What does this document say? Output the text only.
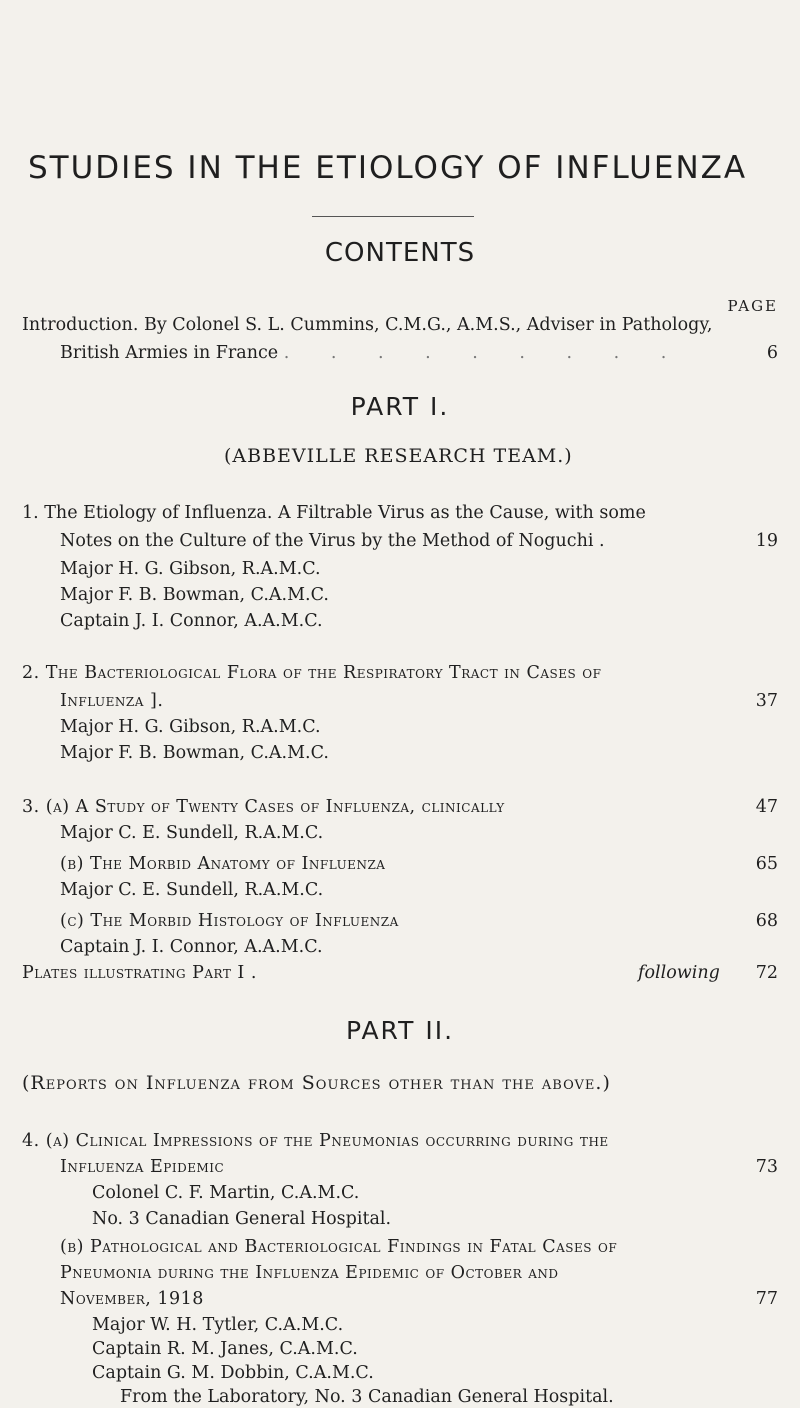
STUDIES IN THE ETIOLOGY OF INFLUENZA
CONTENTS
PAGE
Introduction. By Colonel S. L. Cummins, C.M.G., A.M.S., Adviser in Pathology,
British Armies in France . . . . . . . . .	6
PART I.
(ABBEVILLE RESEARCH TEAM.)
1. The Etiology of Influenza. A Filtrable Virus as the Cause, with some
Notes on the Culture of the Virus by the Method of Noguchi .	19
Major H. G. Gibson, R.A.M.C.
Major F. B. Bowman, C.A.M.C.
Captain J. I. Connor, A.A.M.C.
2. The Bacteriological Flora of the Respiratory Tract in Cases of
Influenza ].	37
Major H. G. Gibson, R.A.M.C.
Major F. B. Bowman, C.A.M.C.
3. (a) A Study of Twenty Cases of Influenza, clinically	47
Major C. E. Sundell, R.A.M.C.
(b) The Morbid Anatomy of Influenza	65
Major C. E. Sundell, R.A.M.C.
(c) The Morbid Histology of Influenza	68
Captain J. I. Connor, A.A.M.C.
Plates illustrating Part I .	following 72
PART II.
(Reports on Influenza from Sources other than the above.)
4. (a) Clinical Impressions of the Pneumonias occurring during the
Influenza Epidemic	73
Colonel C. F. Martin, C.A.M.C.
No. 3 Canadian General Hospital.
(b) Pathological and Bacteriological Findings in Fatal Cases of
Pneumonia during the Influenza Epidemic of October and
November, 1918	77
Major W. H. Tytler, C.A.M.C.
Captain R. M. Janes, C.A.M.C.
Captain G. M. Dobbin, C.A.M.C.
From the Laboratory, No. 3 Canadian General Hospital.
